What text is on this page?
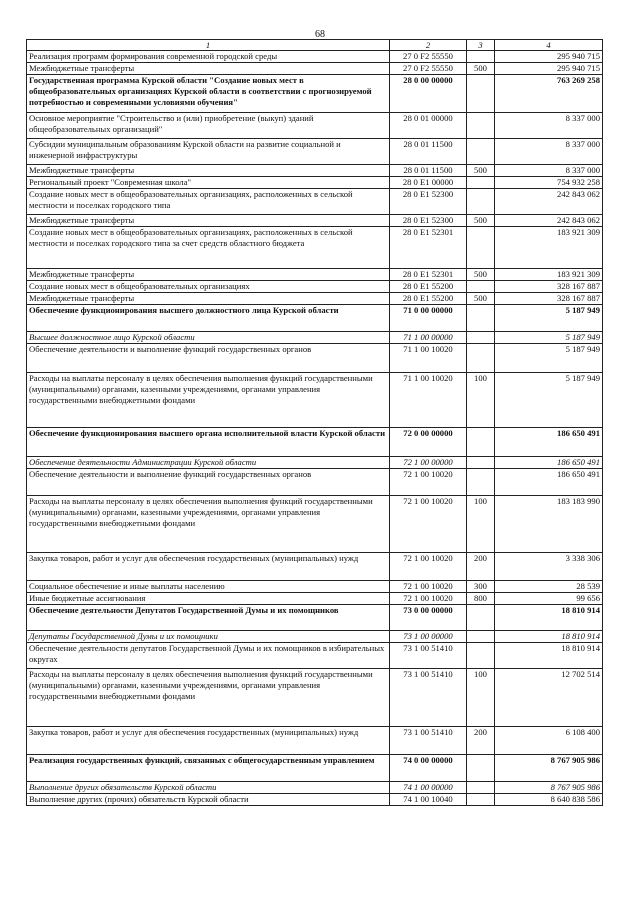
68
1	2	3	4
Реализация программ формирования современной городской среды	27 0 F2 55550		295 940 715
Межбюджетные трансферты	27 0 F2 55550	500	295 940 715
Государственная программа Курской области "Создание новых мест в общеобразовательных организациях Курской области в соответствии с прогнозируемой потребностью и современными условиями обучения"	28 0 00 00000		763 269 258
Основное мероприятие "Строительство и (или) приобретение (выкуп) зданий общеобразовательных организаций"	28 0 01 00000		8 337 000
Субсидии муниципальным образованиям Курской области на развитие социальной и инженерной инфраструктуры	28 0 01 11500		8 337 000
Межбюджетные трансферты	28 0 01 11500	500	8 337 000
Региональный проект "Современная школа"	28 0 E1 00000		754 932 258
Создание новых мест в общеобразовательных организациях, расположенных в сельской местности и поселках городского типа	28 0 E1 52300		242 843 062
Межбюджетные трансферты	28 0 E1 52300	500	242 843 062
Создание новых мест в общеобразовательных организациях, расположенных в сельской местности и поселках городского типа за счет средств областного бюджета	28 0 E1 52301		183 921 309
Межбюджетные трансферты	28 0 E1 52301	500	183 921 309
Создание новых мест в общеобразовательных организациях	28 0 E1 55200		328 167 887
Межбюджетные трансферты	28 0 E1 55200	500	328 167 887
Обеспечение функционирования высшего должностного лица Курской области	71 0 00 00000		5 187 949
Высшее должностное лицо Курской области	71 1 00 00000		5 187 949
Обеспечение деятельности и выполнение функций государственных органов	71 1 00 10020		5 187 949
Расходы на выплаты персоналу в целях обеспечения выполнения функций государственными (муниципальными) органами, казенными учреждениями, органами управления государственными внебюджетными фондами	71 1 00 10020	100	5 187 949
Обеспечение функционирования высшего органа исполнительной власти Курской области	72 0 00 00000		186 650 491
Обеспечение деятельности Администрации Курской области	72 1 00 00000		186 650 491
Обеспечение деятельности и выполнение функций государственных органов	72 1 00 10020		186 650 491
Расходы на выплаты персоналу в целях обеспечения выполнения функций государственными (муниципальными) органами, казенными учреждениями, органами управления государственными внебюджетными фондами	72 1 00 10020	100	183 183 990
Закупка товаров, работ и услуг для обеспечения государственных (муниципальных) нужд	72 1 00 10020	200	3 338 306
Социальное обеспечение и иные выплаты населению	72 1 00 10020	300	28 539
Иные бюджетные ассигнования	72 1 00 10020	800	99 656
Обеспечение деятельности Депутатов Государственной Думы и их помощников	73 0 00 00000		18 810 914
Депутаты Государственной Думы и их помощники	73 1 00 00000		18 810 914
Обеспечение деятельности депутатов Государственной Думы и их помощников в избирательных округах	73 1 00 51410		18 810 914
Расходы на выплаты персоналу в целях обеспечения выполнения функций государственными (муниципальными) органами, казенными учреждениями, органами управления государственными внебюджетными фондами	73 1 00 51410	100	12 702 514
Закупка товаров, работ и услуг для обеспечения государственных (муниципальных) нужд	73 1 00 51410	200	6 108 400
Реализация государственных функций, связанных с общегосударственным управлением	74 0 00 00000		8 767 905 986
Выполнение других обязательств Курской области	74 1 00 00000		8 767 905 986
Выполнение других (прочих) обязательств Курской области	74 1 00 10040		8 640 838 586
